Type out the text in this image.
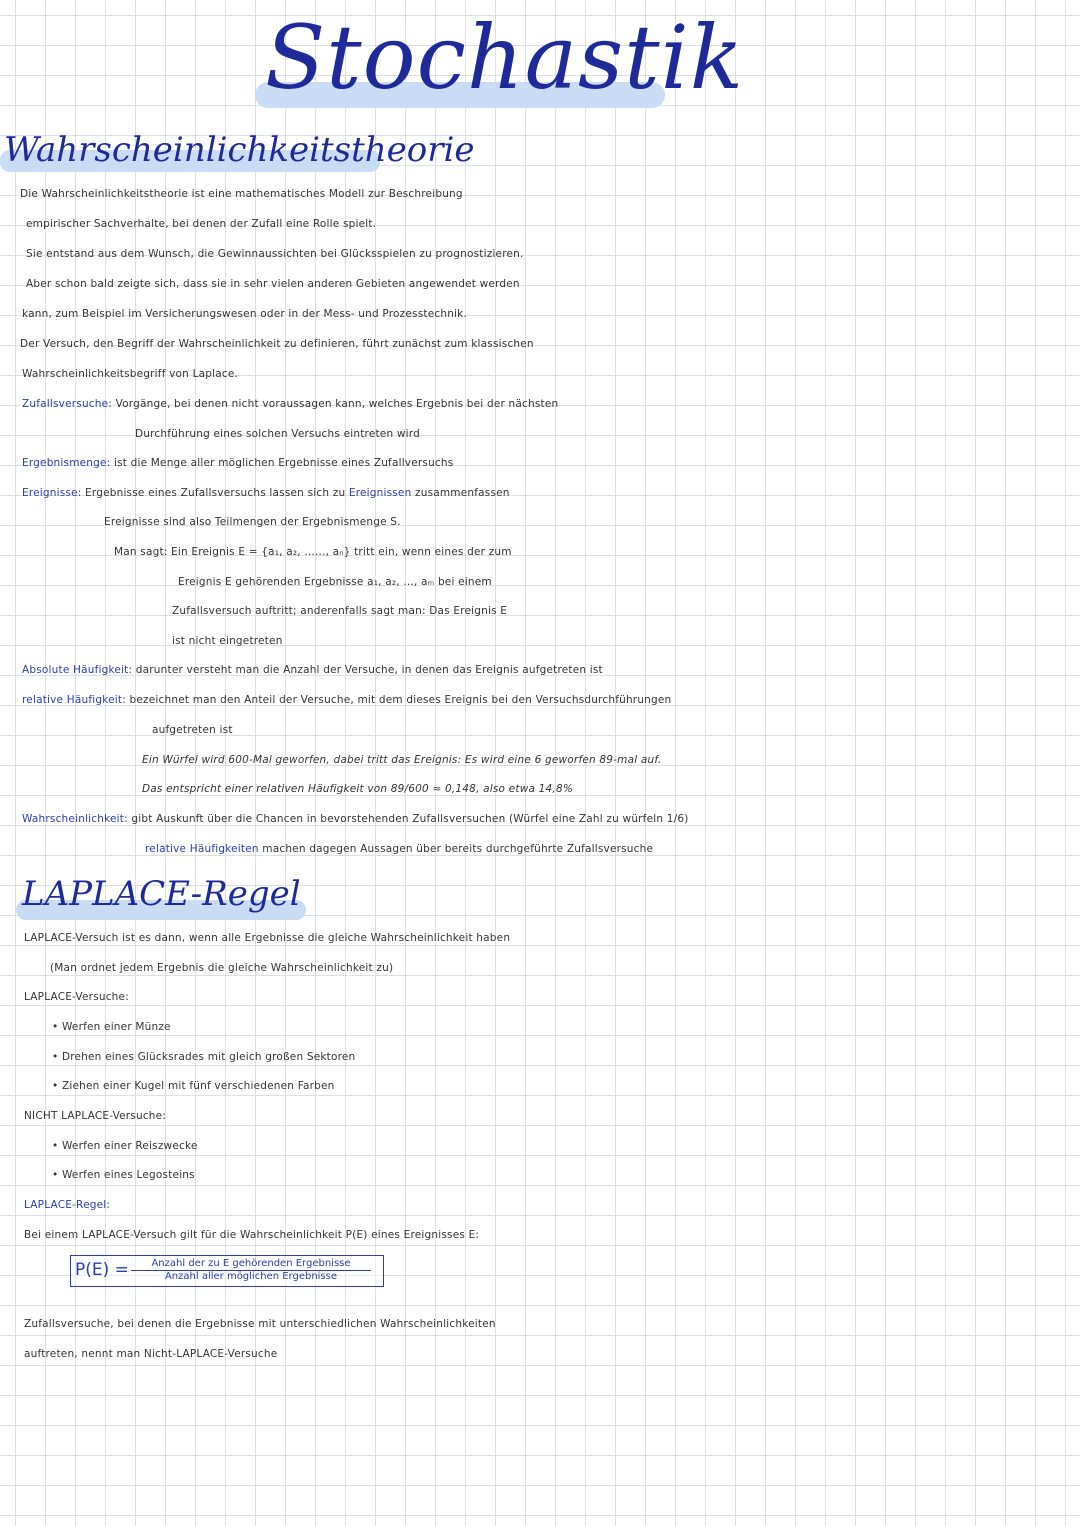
Stochastik
Wahrscheinlichkeitstheorie
Die Wahrscheinlichkeitstheorie ist eine mathematisches Modell zur Beschreibung
empirischer Sachverhalte, bei denen der Zufall eine Rolle spielt.
Sie entstand aus dem Wunsch, die Gewinnaussichten bei Glücksspielen zu prognostizieren.
Aber schon bald zeigte sich, dass sie in sehr vielen anderen Gebieten angewendet werden
kann, zum Beispiel im Versicherungswesen oder in der Mess- und Prozesstechnik.
Der Versuch, den Begriff der Wahrscheinlichkeit zu definieren, führt zunächst zum klassischen
Wahrscheinlichkeitsbegriff von Laplace.
Zufallsversuche: Vorgänge, bei denen nicht voraussagen kann, welches Ergebnis bei der nächsten
Durchführung eines solchen Versuchs eintreten wird
Ergebnismenge: ist die Menge aller möglichen Ergebnisse eines Zufallversuchs
Ereignisse: Ergebnisse eines Zufallsversuchs lassen sich zu Ereignissen zusammenfassen
Ereignisse sind also Teilmengen der Ergebnismenge S.
Man sagt: Ein Ereignis E = {a₁, a₂, ......, aₙ} tritt ein, wenn eines der zum
Ereignis E gehörenden Ergebnisse a₁, a₂, ..., aₘ bei einem
Zufallsversuch auftritt; anderenfalls sagt man: Das Ereignis E
ist nicht eingetreten
Absolute Häufigkeit: darunter versteht man die Anzahl der Versuche, in denen das Ereignis aufgetreten ist
relative Häufigkeit: bezeichnet man den Anteil der Versuche, mit dem dieses Ereignis bei den Versuchsdurchführungen
aufgetreten ist
Ein Würfel wird 600-Mal geworfen, dabei tritt das Ereignis: Es wird eine 6 geworfen 89-mal auf.
Das entspricht einer relativen Häufigkeit von 89/600 ≈ 0,148, also etwa 14,8%
Wahrscheinlichkeit: gibt Auskunft über die Chancen in bevorstehenden Zufallsversuchen (Würfel eine Zahl zu würfeln 1/6)
relative Häufigkeiten machen dagegen Aussagen über bereits durchgeführte Zufallsversuche
LAPLACE-Regel
LAPLACE-Versuch ist es dann, wenn alle Ergebnisse die gleiche Wahrscheinlichkeit haben
(Man ordnet jedem Ergebnis die gleiche Wahrscheinlichkeit zu)
LAPLACE-Versuche:
• Werfen einer Münze
• Drehen eines Glücksrades mit gleich großen Sektoren
• Ziehen einer Kugel mit fünf verschiedenen Farben
NICHT LAPLACE-Versuche:
• Werfen einer Reiszwecke
• Werfen eines Legosteins
LAPLACE-Regel:
Bei einem LAPLACE-Versuch gilt für die Wahrscheinlichkeit P(E) eines Ereignisses E:
P(E) =	Anzahl der zu E gehörenden Ergebnisse
Anzahl aller möglichen Ergebnisse
Zufallsversuche, bei denen die Ergebnisse mit unterschiedlichen Wahrscheinlichkeiten
auftreten, nennt man Nicht-LAPLACE-Versuche
